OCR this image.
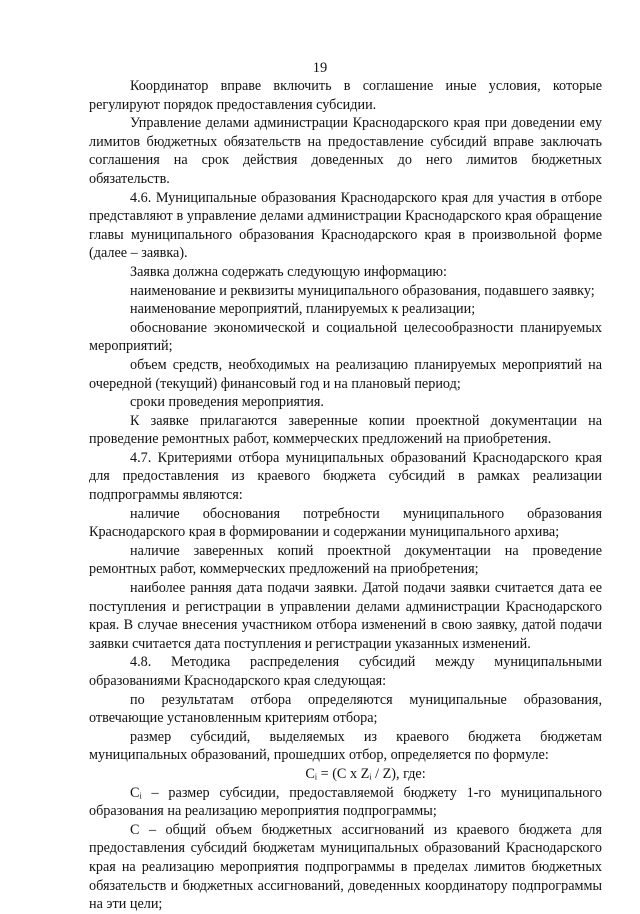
19

Координатор вправе включить в соглашение иные условия, которые регулируют порядок предоставления субсидии.

Управление делами администрации Краснодарского края при доведении ему лимитов бюджетных обязательств на предоставление субсидий вправе заключать соглашения на срок действия доведенных до него лимитов бюджетных обязательств.

4.6. Муниципальные образования Краснодарского края для участия в отборе представляют в управление делами администрации Краснодарского края обращение главы муниципального образования Краснодарского края в произвольной форме (далее – заявка).

Заявка должна содержать следующую информацию:

наименование и реквизиты муниципального образования, подавшего заявку;

наименование мероприятий, планируемых к реализации;

обоснование экономической и социальной целесообразности планируемых мероприятий;

объем средств, необходимых на реализацию планируемых мероприятий на очередной (текущий) финансовый год и на плановый период;

сроки проведения мероприятия.

К заявке прилагаются заверенные копии проектной документации на проведение ремонтных работ, коммерческих предложений на приобретения.

4.7. Критериями отбора муниципальных образований Краснодарского края для предоставления из краевого бюджета субсидий в рамках реализации подпрограммы являются:

наличие обоснования потребности муниципального образования Краснодарского края в формировании и содержании муниципального архива;

наличие заверенных копий проектной документации на проведение ремонтных работ, коммерческих предложений на приобретения;

наиболее ранняя дата подачи заявки. Датой подачи заявки считается дата ее поступления и регистрации в управлении делами администрации Краснодарского края. В случае внесения участником отбора изменений в свою заявку, датой подачи заявки считается дата поступления и регистрации указанных изменений.

4.8. Методика распределения субсидий между муниципальными образованиями Краснодарского края следующая:

по результатам отбора определяются муниципальные образования, отвечающие установленным критериям отбора;

размер субсидий, выделяемых из краевого бюджета бюджетам муниципальных образований, прошедших отбор, определяется по формуле:

Cᵢ = (C x Zᵢ / Z), где:

Cᵢ – размер субсидии, предоставляемой бюджету 1-го муниципального образования на реализацию мероприятия подпрограммы;

C – общий объем бюджетных ассигнований из краевого бюджета для предоставления субсидий бюджетам муниципальных образований Краснодарского края на реализацию мероприятия подпрограммы в пределах лимитов бюджетных обязательств и бюджетных ассигнований, доведенных координатору подпрограммы на эти цели;
